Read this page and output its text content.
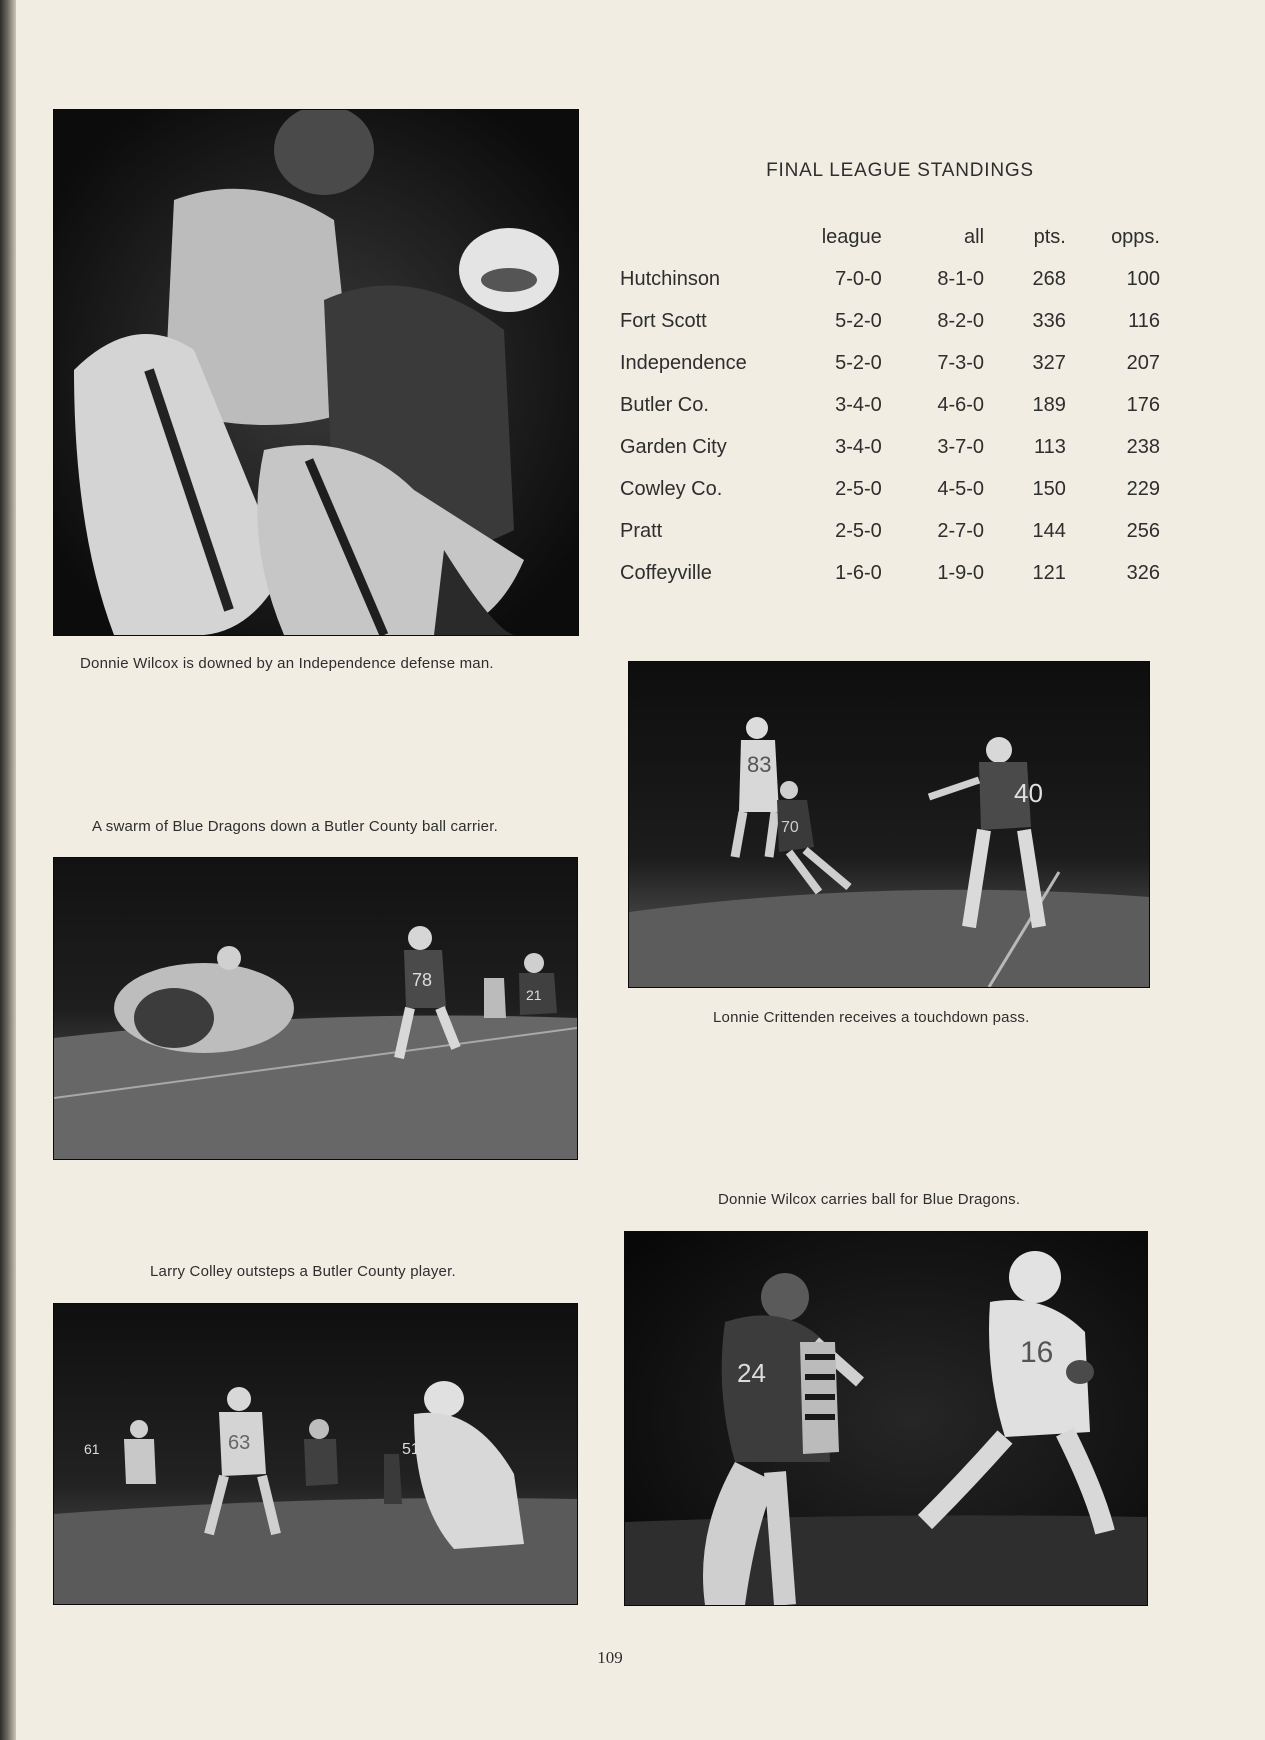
Donnie Wilcox is downed by an Independence defense man.
FINAL LEAGUE STANDINGS
	league	all	pts.	opps.
Hutchinson	7-0-0	8-1-0	268	100
Fort Scott	5-2-0	8-2-0	336	116
Independence	5-2-0	7-3-0	327	207
Butler Co.	3-4-0	4-6-0	189	176
Garden City	3-4-0	3-7-0	113	238
Cowley Co.	2-5-0	4-5-0	150	229
Pratt	2-5-0	2-7-0	144	256
Coffeyville	1-6-0	1-9-0	121	326
83
70
40
A swarm of Blue Dragons down a Butler County ball carrier.
78
21
Lonnie Crittenden receives a touchdown pass.
Donnie Wilcox carries ball for Blue Dragons.
Larry Colley outsteps a Butler County player.
61	63	51
24
16
109
